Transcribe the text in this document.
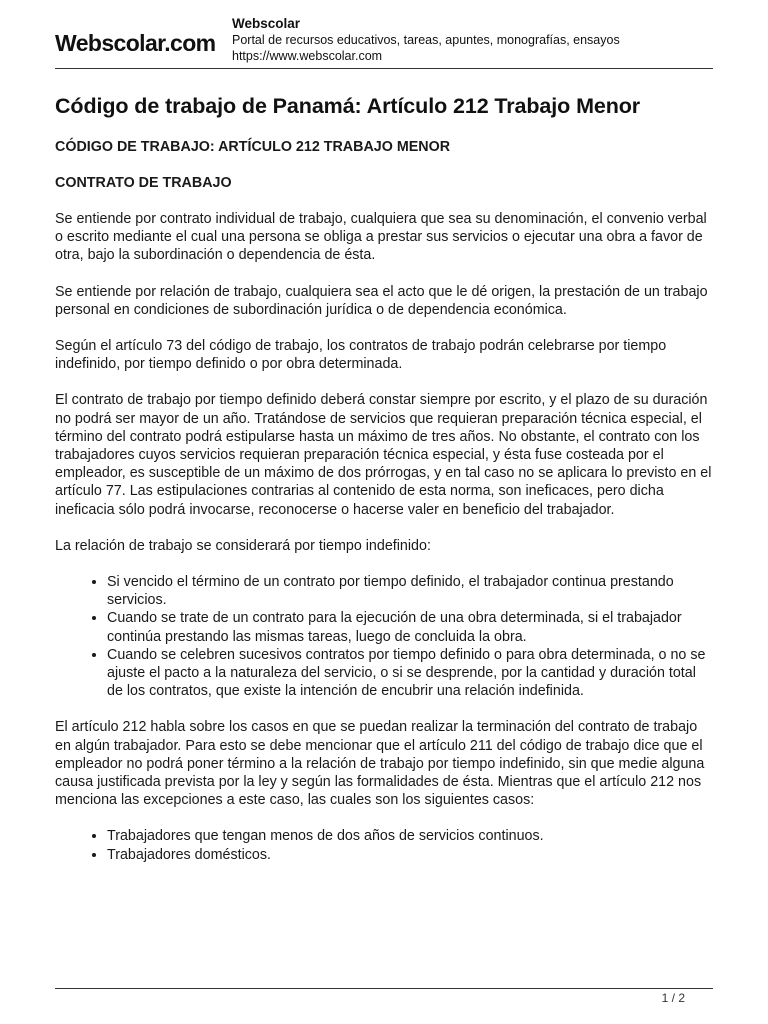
Webscolar.com
Webscolar
Portal de recursos educativos, tareas, apuntes, monografías, ensayos
https://www.webscolar.com
Código de trabajo de Panamá: Artículo 212 Trabajo Menor
CÓDIGO DE TRABAJO: ARTÍCULO 212 TRABAJO MENOR
CONTRATO DE TRABAJO

Se entiende por contrato individual de trabajo, cualquiera que sea su denominación, el convenio verbal o escrito mediante el cual una persona se obliga a prestar sus servicios o ejecutar una obra a favor de otra, bajo la subordinación o dependencia de ésta.

Se entiende por relación de trabajo, cualquiera sea el acto que le dé origen, la prestación de un trabajo personal en condiciones de subordinación jurídica o de dependencia económica.

Según el artículo 73 del código de trabajo, los contratos de trabajo podrán celebrarse por tiempo indefinido, por tiempo definido o por obra determinada.

El contrato de trabajo por tiempo definido deberá constar siempre por escrito, y el plazo de su duración no podrá ser mayor de un año. Tratándose de servicios que requieran preparación técnica especial, el término del contrato podrá estipularse hasta un máximo de tres años. No obstante, el contrato con los trabajadores cuyos servicios requieran preparación técnica especial, y ésta fuse costeada por el empleador, es susceptible de un máximo de dos prórrogas, y en tal caso no se aplicara lo previsto en el artículo 77. Las estipulaciones contrarias al contenido de esta norma, son ineficaces, pero dicha ineficacia sólo podrá invocarse, reconocerse o hacerse valer en beneficio del trabajador.

La relación de trabajo se considerará por tiempo indefinido:

• Si vencido el término de un contrato por tiempo definido, el trabajador continua prestando servicios.
• Cuando se trate de un contrato para la ejecución de una obra determinada, si el trabajador continúa prestando las mismas tareas, luego de concluida la obra.
• Cuando se celebren sucesivos contratos por tiempo definido o para obra determinada, o no se ajuste el pacto a la naturaleza del servicio, o si se desprende, por la cantidad y duración total de los contratos, que existe la intención de encubrir una relación indefinida.

El artículo 212 habla sobre los casos en que se puedan realizar la terminación del contrato de trabajo en algún trabajador. Para esto se debe mencionar que el artículo 211 del código de trabajo dice que el empleador no podrá poner término a la relación de trabajo por tiempo indefinido, sin que medie alguna causa justificada prevista por la ley y según las formalidades de ésta. Mientras que el artículo 212 nos menciona las excepciones a este caso, las cuales son los siguientes casos:

• Trabajadores que tengan menos de dos años de servicios continuos.
• Trabajadores domésticos.
1 / 2
